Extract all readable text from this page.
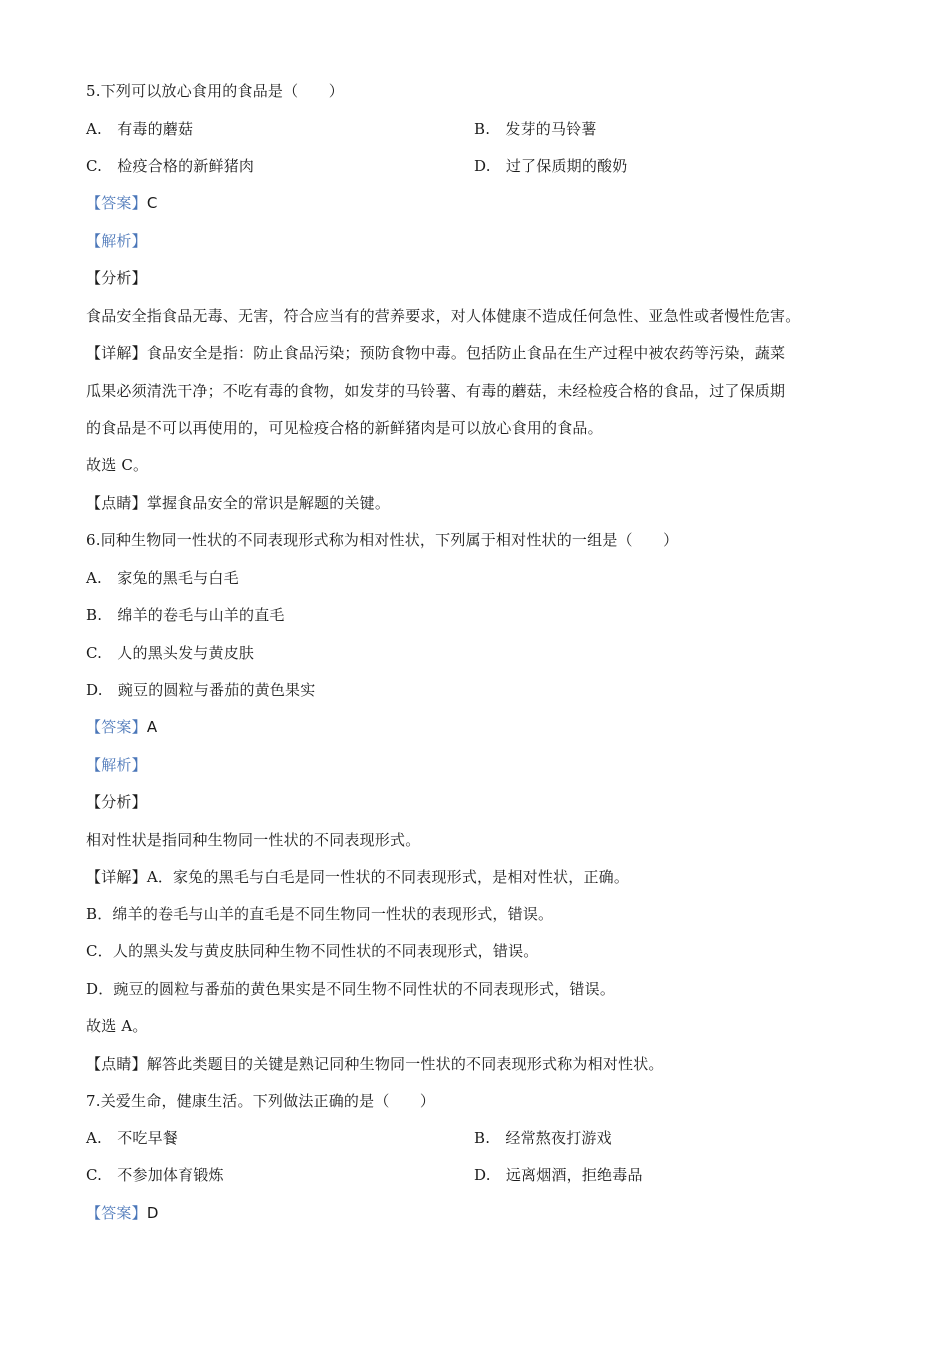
5.下列可以放心食用的食品是（　　）
A.　有毒的蘑菇	B.　发芽的马铃薯
C.　检疫合格的新鲜猪肉	D.　过了保质期的酸奶
【答案】C
【解析】
【分析】
食品安全指食品无毒、无害，符合应当有的营养要求，对人体健康不造成任何急性、亚急性或者慢性危害。
【详解】食品安全是指：防止食品污染；预防食物中毒。包括防止食品在生产过程中被农药等污染，蔬菜
瓜果必须清洗干净；不吃有毒的食物，如发芽的马铃薯、有毒的蘑菇，未经检疫合格的食品，过了保质期
的食品是不可以再使用的，可见检疫合格的新鲜猪肉是可以放心食用的食品。
故选 C。
【点睛】掌握食品安全的常识是解题的关键。
6.同种生物同一性状的不同表现形式称为相对性状，下列属于相对性状的一组是（　　）
A.　家兔的黑毛与白毛
B.　绵羊的卷毛与山羊的直毛
C.　人的黑头发与黄皮肤
D.　豌豆的圆粒与番茄的黄色果实
【答案】A
【解析】
【分析】
相对性状是指同种生物同一性状的不同表现形式。
【详解】A．家兔的黑毛与白毛是同一性状的不同表现形式，是相对性状，正确。
B．绵羊的卷毛与山羊的直毛是不同生物同一性状的表现形式，错误。
C．人的黑头发与黄皮肤同种生物不同性状的不同表现形式，错误。
D．豌豆的圆粒与番茄的黄色果实是不同生物不同性状的不同表现形式，错误。
故选 A。
【点睛】解答此类题目的关键是熟记同种生物同一性状的不同表现形式称为相对性状。
7.关爱生命，健康生活。下列做法正确的是（　　）
A.　不吃早餐	B.　经常熬夜打游戏
C.　不参加体育锻炼	D.　远离烟酒，拒绝毒品
【答案】D
